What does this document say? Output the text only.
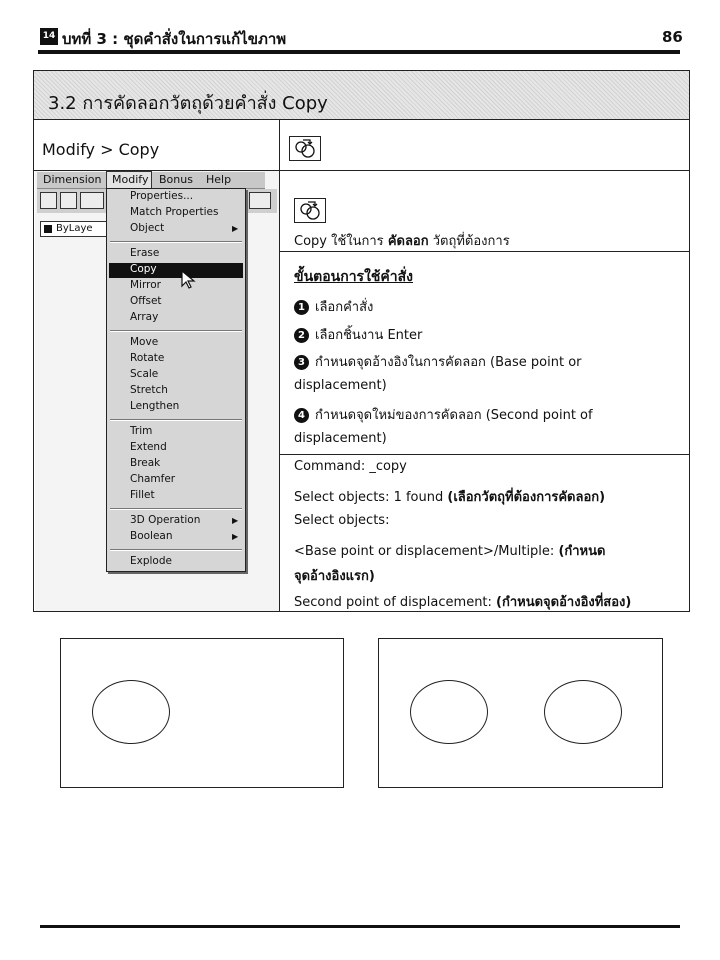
14 บทที่ 3 : ชุดคำสั่งในการแก้ไขภาพ	86
3.2 การคัดลอกวัตถุด้วยคำสั่ง Copy
Modify > Copy
Copy ใช้ในการ คัดลอก วัตถุที่ต้องการ
ขั้นตอนการใช้คำสั่ง
1 เลือกคำสั่ง
2 เลือกชิ้นงาน Enter
3 กำหนดจุดอ้างอิงในการคัดลอก (Base point or
displacement)
4 กำหนดจุดใหม่ของการคัดลอก (Second point of
displacement)
Command: _copy
Select objects: 1 found (เลือกวัตถุที่ต้องการคัดลอก)
Select objects:
<Base point or displacement>/Multiple: (กำหนด
จุดอ้างอิงแรก)
Second point of displacement: (กำหนดจุดอ้างอิงที่สอง)
Dimension Modify Bonus Help
ByLaye
Properties...
Match Properties
Object	▶
Erase
Copy
Mirror
Offset
Array
Move
Rotate
Scale
Stretch
Lengthen
Trim
Extend
Break
Chamfer
Fillet
3D Operation	▶
Boolean	▶
Explode
